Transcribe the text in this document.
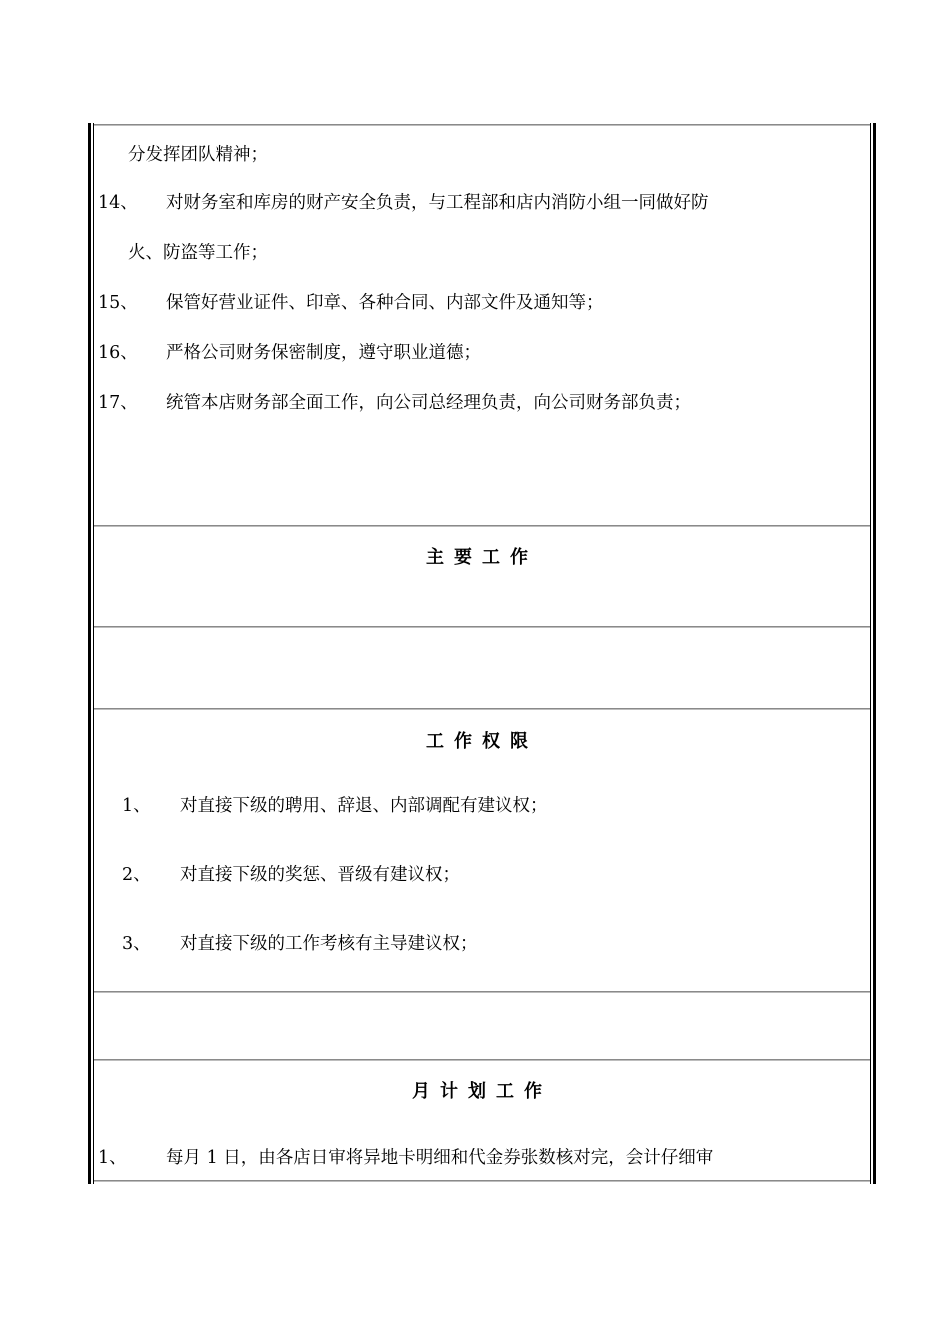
分发挥团队精神；
14、 对财务室和库房的财产安全负责，与工程部和店内消防小组一同做好防
火、防盗等工作；
15、 保管好营业证件、印章、各种合同、内部文件及通知等；
16、 严格公司财务保密制度，遵守职业道德；
17、 统管本店财务部全面工作，向公司总经理负责，向公司财务部负责；
主要工作
工作权限
1、 对直接下级的聘用、辞退、内部调配有建议权；
2、 对直接下级的奖惩、晋级有建议权；
3、 对直接下级的工作考核有主导建议权；
月计划工作
1、 每月 1 日，由各店日审将异地卡明细和代金券张数核对完，会计仔细审
